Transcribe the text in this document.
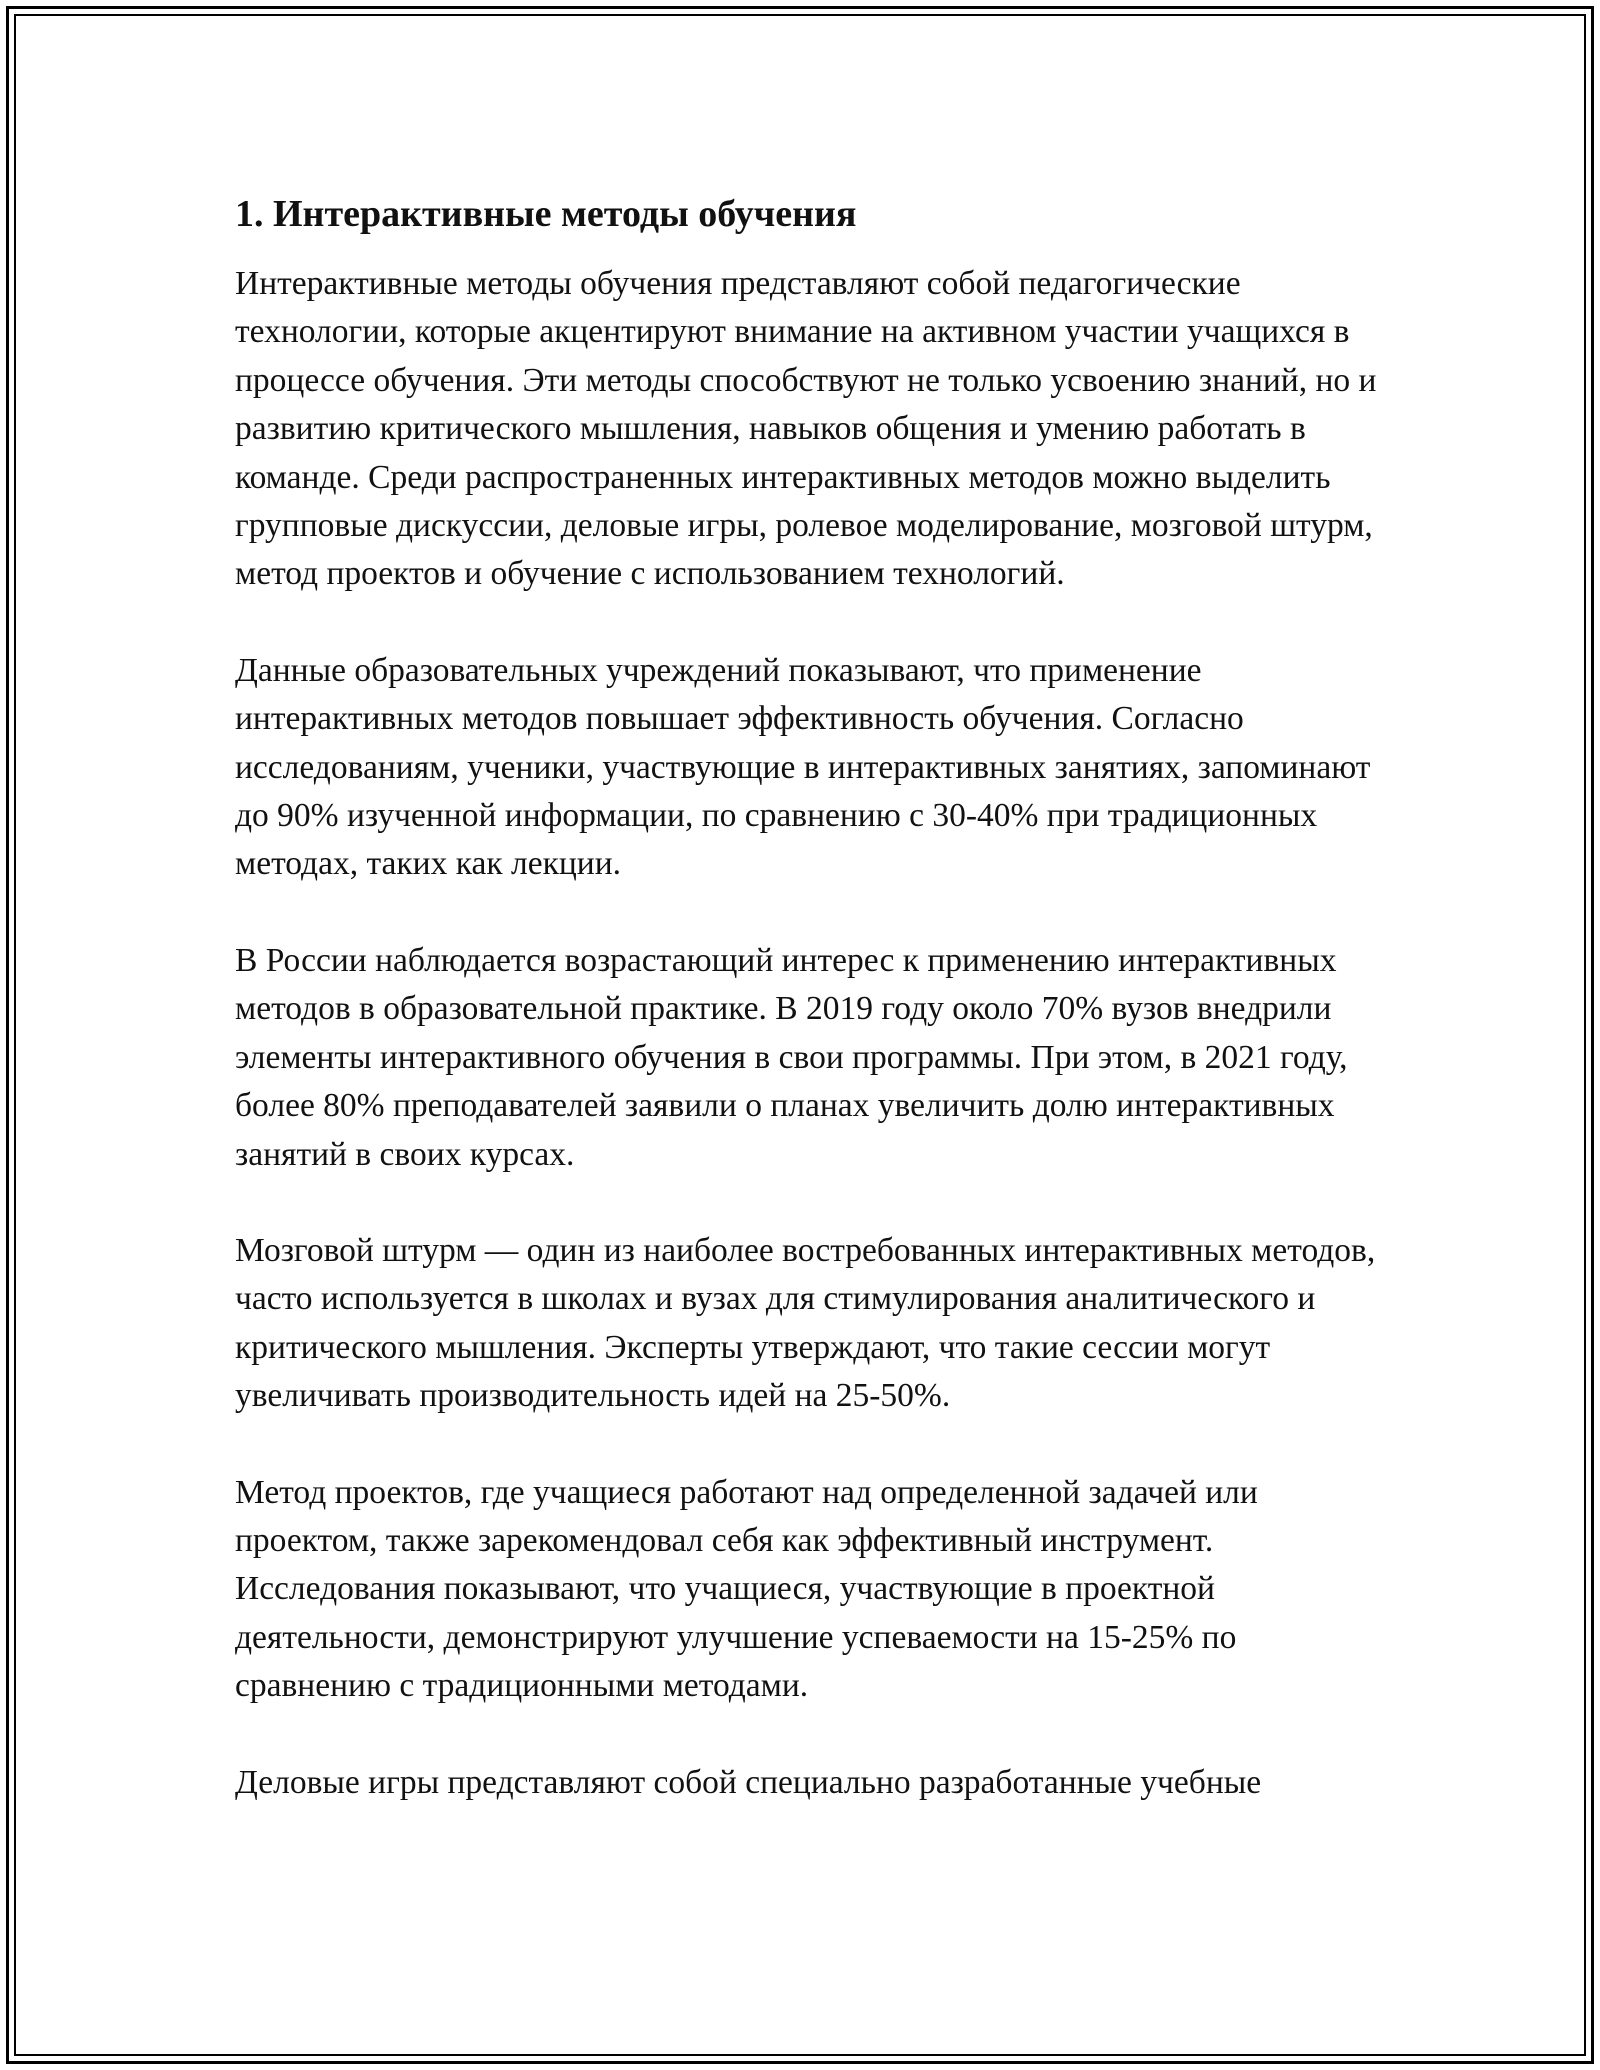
1. Интерактивные методы обучения

Интерактивные методы обучения представляют собой педагогические технологии, которые акцентируют внимание на активном участии учащихся в процессе обучения. Эти методы способствуют не только усвоению знаний, но и развитию критического мышления, навыков общения и умению работать в команде. Среди распространенных интерактивных методов можно выделить групповые дискуссии, деловые игры, ролевое моделирование, мозговой штурм, метод проектов и обучение с использованием технологий.

Данные образовательных учреждений показывают, что применение интерактивных методов повышает эффективность обучения. Согласно исследованиям, ученики, участвующие в интерактивных занятиях, запоминают до 90% изученной информации, по сравнению с 30-40% при традиционных методах, таких как лекции.

В России наблюдается возрастающий интерес к применению интерактивных методов в образовательной практике. В 2019 году около 70% вузов внедрили элементы интерактивного обучения в свои программы. При этом, в 2021 году, более 80% преподавателей заявили о планах увеличить долю интерактивных занятий в своих курсах.

Мозговой штурм — один из наиболее востребованных интерактивных методов, часто используется в школах и вузах для стимулирования аналитического и критического мышления. Эксперты утверждают, что такие сессии могут увеличивать производительность идей на 25-50%.

Метод проектов, где учащиеся работают над определенной задачей или проектом, также зарекомендовал себя как эффективный инструмент. Исследования показывают, что учащиеся, участвующие в проектной деятельности, демонстрируют улучшение успеваемости на 15-25% по сравнению с традиционными методами.

Деловые игры представляют собой специально разработанные учебные
